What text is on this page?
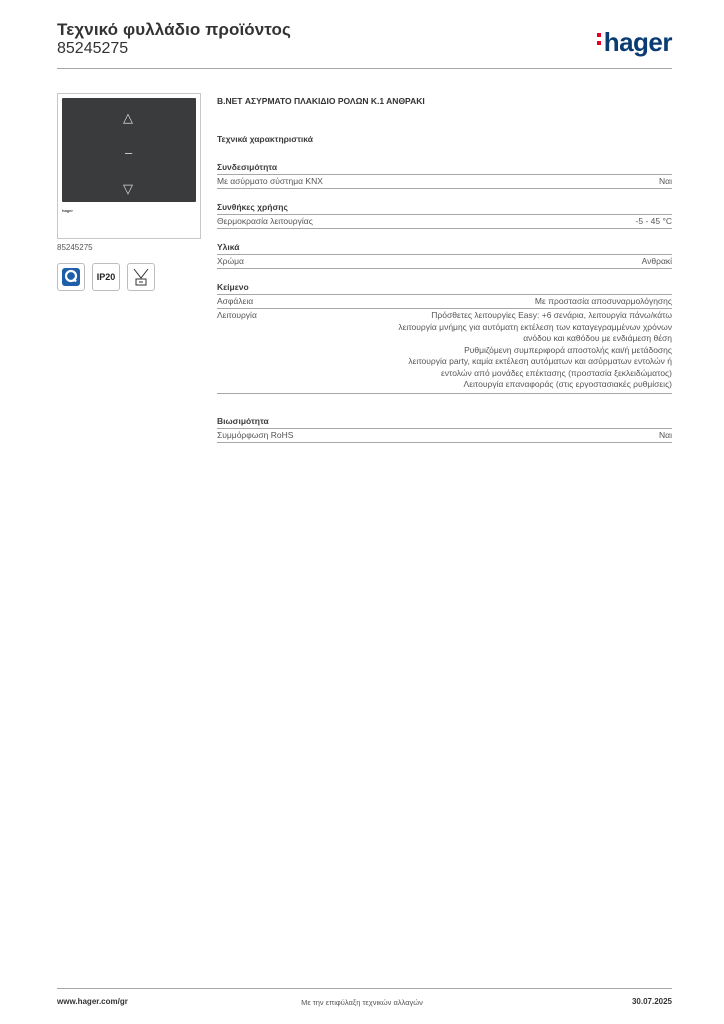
Τεχνικό φυλλάδιο προϊόντος
85245275	hager
△
–
▽
hager
85245275
IP20
B.NET ΑΣΥΡΜΑΤΟ ΠΛΑΚΙΔΙΟ ΡΟΛΩΝ Κ.1 ΑΝΘΡΑΚΙ
Τεχνικά χαρακτηριστικά
Συνδεσιμότητα
Με ασύρματο σύστημα KNX	Ναι
Συνθήκες χρήσης
Θερμοκρασία λειτουργίας	-5 - 45 °C
Υλικά
Χρώμα	Ανθρακί
Κείμενο
Ασφάλεια	Με προστασία αποσυναρμολόγησης
Λειτουργία	Πρόσθετες λειτουργίες Easy: +6 σενάρια, λειτουργία πάνω/κάτω
λειτουργία μνήμης για αυτόματη εκτέλεση των καταγεγραμμένων χρόνων
ανόδου και καθόδου με ενδιάμεση θέση
Ρυθμιζόμενη συμπεριφορά αποστολής και/ή μετάδοσης
λειτουργία party, καμία εκτέλεση αυτόματων και ασύρματων εντολών ή
εντολών από μονάδες επέκτασης (προστασία ξεκλειδώματος)
Λειτουργία επαναφοράς (στις εργοστασιακές ρυθμίσεις)
Βιωσιμότητα
Συμμόρφωση RoHS	Ναι
www.hager.com/gr	Με την επιφύλαξη τεχνικών αλλαγών	30.07.2025
